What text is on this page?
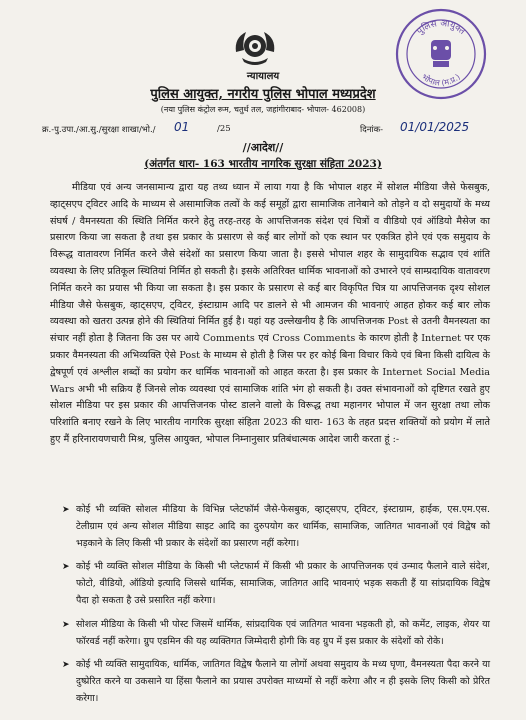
पुलिस आयुक्त
भोपाल (म.प्र.)
न्यायालय
पुलिस आयुक्त, नगरीय पुलिस भोपाल मध्यप्रदेश
(नया पुलिस कंट्रोल रूम, चतुर्थ तल, जहांगीराबाद- भोपाल- 462008)
क्र.-पु.उपा./आ.सु./सुरक्षा शाखा/भो./ 01	/25	दिनांक- 01/01/2025
//आदेश//
(अंतर्गत धारा- 163 भारतीय नागरिक सुरक्षा संहिता 2023)
मीडिया एवं अन्य जनसामान्य द्वारा यह तथ्य ध्यान में लाया गया है कि भोपाल शहर में सोशल मीडिया जैसे फेसबुक, व्हाट्सएप ट्विटर आदि के माध्यम से असामाजिक तत्वों के कई समूहों द्वारा सामाजिक तानेबाने को तोड़ने व दो समुदायों के मध्य संघर्ष / वैमनस्यता की स्थिति निर्मित करने हेतु तरह-तरह के आपत्तिजनक संदेश एवं चित्रों व वीडियो एवं ऑडियो मैसेज का प्रसारण किया जा सकता है तथा इस प्रकार के प्रसारण से कई बार लोगों को एक स्थान पर एकत्रित होने एवं एक समुदाय के विरूद्ध वातावरण निर्मित करने जैसे संदेशों का प्रसारण किया जाता है। इससे भोपाल शहर के सामुदायिक सद्भाव एवं शांति व्यवस्था के लिए प्रतिकूल स्थितियां निर्मित हो सकती है। इसके अतिरिक्त धार्मिक भावनाओं को उभारने एवं साम्प्रदायिक वातावरण निर्मित करने का प्रयास भी किया जा सकता है। इस प्रकार के प्रसारण से कई बार विकृपित चित्र या आपत्तिजनक दृश्य सोशल मीडिया जैसे फेसबुक, व्हाट्सएप, ट्विटर, इंस्टाग्राम आदि पर डालने से भी आमजन की भावनाएं आहत होकर कई बार लोक व्यवस्था को खतरा उत्पन्न होने की स्थितियां निर्मित हुई है। यहां यह उल्लेखनीय है कि आपत्तिजनक Post से उतनी वैमनस्यता का संचार नहीं होता है जितना कि उस पर आये Comments एवं Cross Comments के कारण होती है Internet पर एक प्रकार वैमनस्यता की अभिव्यक्ति ऐसे Post के माध्यम से होती है जिस पर हर कोई बिना विचार किये एवं बिना किसी दायित्व के द्वेषपूर्ण एवं अश्लील शब्दों का प्रयोग कर धार्मिक भावनाओं को आहत करता है। इस प्रकार के Internet Social Media Wars अभी भी सक्रिय हैं जिनसे लोक व्यवस्था एवं सामाजिक शांति भंग हो सकती है। उक्त संभावनाओं को दृष्टिगत रखते हुए सोशल मीडिया पर इस प्रकार की आपत्तिजनक पोस्ट डालने वालो के विरूद्ध तथा महानगर भोपाल में जन सुरक्षा तथा लोक परिशांति बनाए रखने के लिए भारतीय नागरिक सुरक्षा संहिता 2023 की धारा- 163 के तहत प्रदत्त शक्तियों को प्रयोग में लाते हुए मैं हरिनारायणचारी मिश्र, पुलिस आयुक्त, भोपाल निम्नानुसार प्रतिबंधात्मक आदेश जारी करता हूं :-
➤ कोई भी व्यक्ति सोशल मीडिया के विभिन्न प्लेटफॉर्म जैसे-फेसबुक, व्हाट्सएप, ट्विटर, इंस्टाग्राम, हाईक, एस.एम.एस. टेलीग्राम एवं अन्य सोशल मीडिया साइट आदि का दुरुपयोग कर धार्मिक, सामाजिक, जातिगत भावनाओं एवं विद्वेष को भड़काने के लिए किसी भी प्रकार के संदेशों का प्रसारण नहीं करेगा।
➤ कोई भी व्यक्ति सोशल मीडिया के किसी भी प्लेटफार्म में किसी भी प्रकार के आपत्तिजनक एवं उन्माद फैलाने वाले संदेश, फोटो, वीडियो, ऑडियो इत्यादि जिससे धार्मिक, सामाजिक, जातिगत आदि भावनाएं भड़क सकती हैं या सांप्रदायिक विद्वेष पैदा हो सकता है उसे प्रसारित नहीं करेगा।
➤ सोशल मीडिया के किसी भी पोस्ट जिसमें धार्मिक, सांप्रदायिक एवं जातिगत भावना भड़कती हो, को कमेंट, लाइक, शेयर या फॉरवर्ड नहीं करेगा। ग्रुप एडमिन की यह व्यक्तिगत जिम्मेदारी होगी कि वह ग्रुप में इस प्रकार के संदेशों को रोके।
➤ कोई भी व्यक्ति सामुदायिक, धार्मिक, जातिगत विद्वेष फैलाने या लोगों अथवा समुदाय के मध्य घृणा, वैमनस्यता पैदा करने या दुष्प्रेरित करने या उकसाने या हिंसा फैलाने का प्रयास उपरोक्त माध्यमों से नहीं करेगा और न ही इसके लिए किसी को प्रेरित करेगा।
